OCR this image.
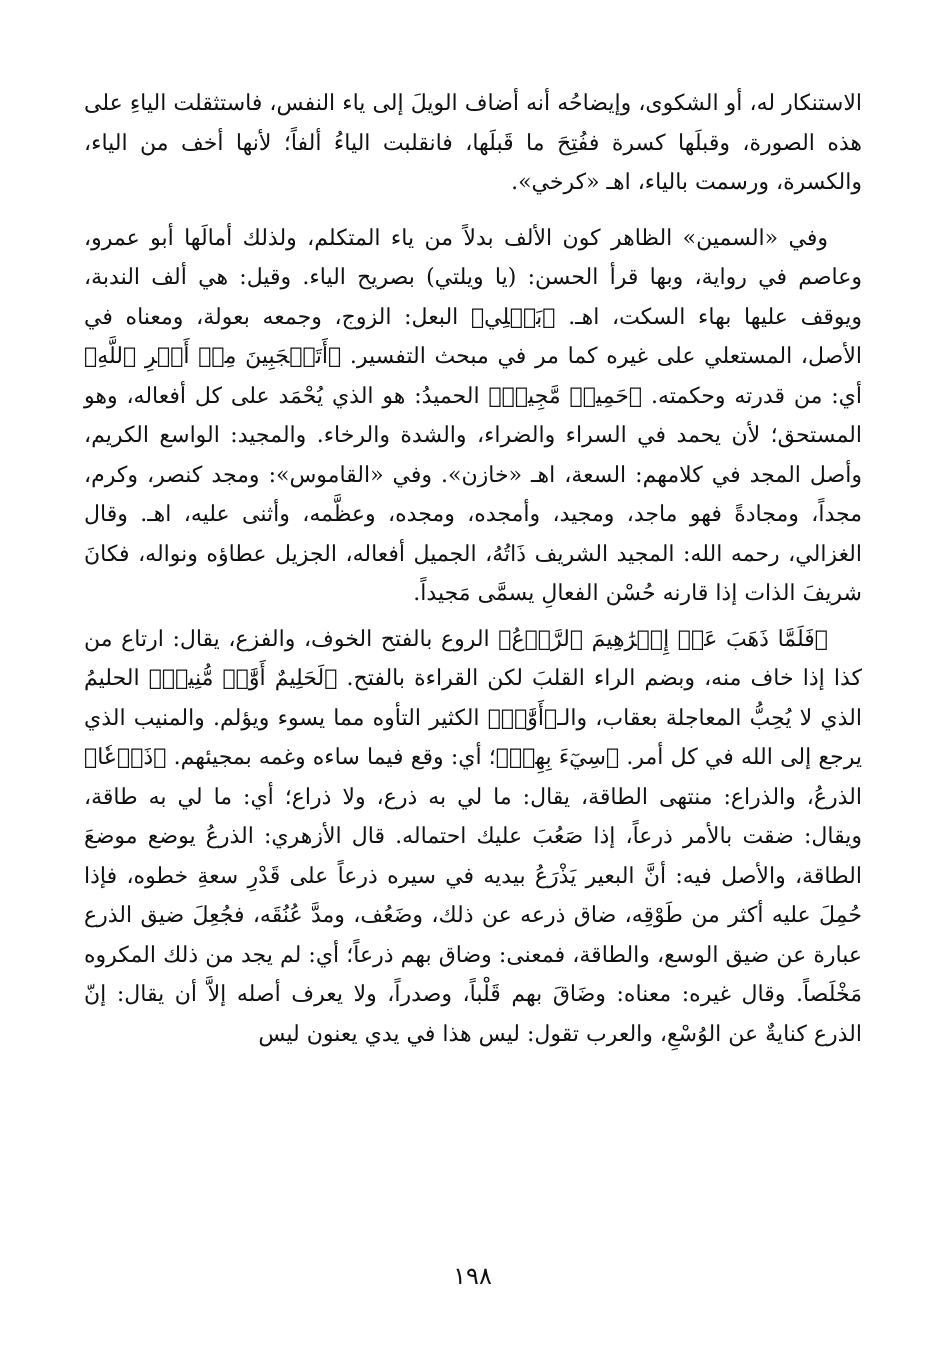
الاستنكار له، أو الشكوى، وإيضاحُه أنه أضاف الويلَ إلى ياء النفس، فاستثقلت الياءِ على هذه الصورة، وقبلَها كسرة ففُتِحَ ما قَبلَها، فانقلبت الياءُ ألفاً؛ لأنها أخف من الياء، والكسرة، ورسمت بالياء، اهـ «كرخي».

وفي «السمين» الظاهر كون الألف بدلاً من ياء المتكلم، ولذلك أمالَها أبو عمرو، وعاصم في رواية، وبها قرأ الحسن: (يا ويلتي) بصريح الياء. وقيل: هي ألف الندبة، ويوقف عليها بهاء السكت، اهـ. ﴿بَعۡلِي﴾ البعل: الزوج، وجمعه بعولة، ومعناه في الأصل، المستعلي على غيره كما مر في مبحث التفسير. ﴿أَتَعۡجَبِينَ مِنۡ أَمۡرِ ٱللَّهِ﴾ أي: من قدرته وحكمته. ﴿حَمِيدٞ مَّجِيدٞ﴾ الحميدُ: هو الذي يُحْمَد على كل أفعاله، وهو المستحق؛ لأن يحمد في السراء والضراء، والشدة والرخاء. والمجيد: الواسع الكريم، وأصل المجد في كلامهم: السعة، اهـ «خازن». وفي «القاموس»: ومجد كنصر، وكرم، مجداً، ومجادةً فهو ماجد، ومجيد، وأمجده، ومجده، وعظَّمه، وأثنى عليه، اهـ. وقال الغزالي، رحمه الله: المجيد الشريف ذَاتُهُ، الجميل أفعاله، الجزيل عطاؤه ونواله، فكانَ شريفَ الذات إذا قارنه حُسْن الفعالِ يسمَّى مَجيداً.

﴿فَلَمَّا ذَهَبَ عَنۡ إِبۡرَٰهِيمَ ٱلرَّوۡعُ﴾ الروع بالفتح الخوف، والفزع، يقال: ارتاع من كذا إذا خاف منه، وبضم الراء القلبَ لكن القراءة بالفتح. ﴿لَحَلِيمٌ أَوَّٰهٞ مُّنِيبٞ﴾ الحليمُ الذي لا يُحِبُّ المعاجلة بعقاب، والـ﴿أَوَّٰهٞ﴾ الكثير التأوه مما يسوء ويؤلم. والمنيب الذي يرجع إلى الله في كل أمر. ﴿سِيٓءَ بِهِمۡ﴾؛ أي: وقع فيما ساءه وغمه بمجيئهم. ﴿ذَرۡعٗا﴾ الذرعُ، والذراع: منتهى الطاقة، يقال: ما لي به ذرع، ولا ذراع؛ أي: ما لي به طاقة، ويقال: ضقت بالأمر ذرعاً، إذا صَعُبَ عليك احتماله. قال الأزهري: الذرعُ يوضع موضعَ الطاقة، والأصل فيه: أنَّ البعير يَذْرَعُ بيديه في سيره ذرعاً على قَدْرِ سعةِ خطوه، فإذا حُمِلَ عليه أكثر من طَوْقِه، ضاق ذرعه عن ذلك، وضَعُف، ومدَّ عُنُقَه، فجُعِلَ ضيق الذرع عبارة عن ضيق الوسع، والطاقة، فمعنى: وضاق بهم ذرعاً؛ أي: لم يجد من ذلك المكروه مَخْلَصاً. وقال غيره: معناه: وضَاقَ بهم قَلْباً، وصدراً، ولا يعرف أصله إلاَّ أن يقال: إنّ الذرع كنايةٌ عن الوُسْعِ، والعرب تقول: ليس هذا في يدي يعنون ليس

١٩٨
